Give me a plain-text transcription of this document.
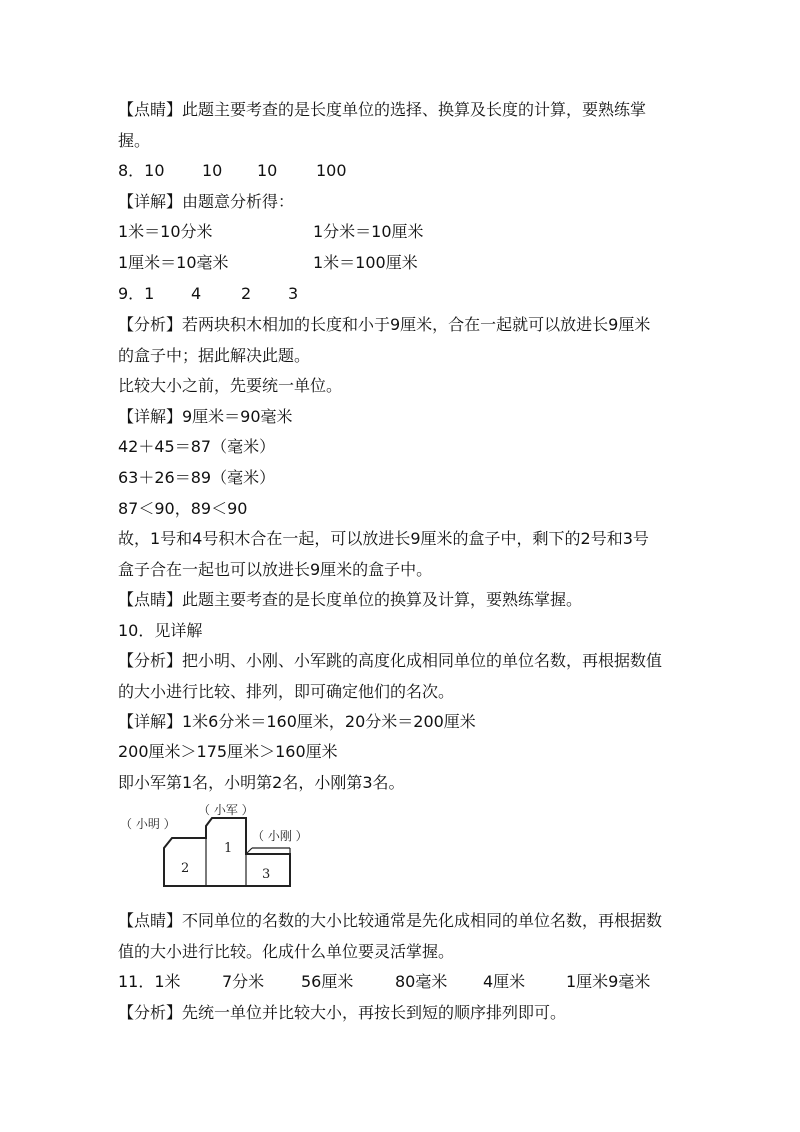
【点睛】此题主要考查的是长度单位的选择、换算及长度的计算，要熟练掌
握。
8．10 10 10 100
【详解】由题意分析得：
1米＝10分米	1分米＝10厘米
1厘米＝10毫米	1米＝100厘米
9．1 4 2 3
【分析】若两块积木相加的长度和小于9厘米，合在一起就可以放进长9厘米
的盒子中；据此解决此题。
比较大小之前，先要统一单位。
【详解】9厘米＝90毫米
42＋45＝87（毫米）
63＋26＝89（毫米）
87＜90，89＜90
故，1号和4号积木合在一起，可以放进长9厘米的盒子中，剩下的2号和3号
盒子合在一起也可以放进长9厘米的盒子中。
【点睛】此题主要考查的是长度单位的换算及计算，要熟练掌握。
10．见详解
【分析】把小明、小刚、小军跳的高度化成相同单位的单位名数，再根据数值
的大小进行比较、排列，即可确定他们的名次。
【详解】1米6分米＝160厘米，20分米＝200厘米
200厘米＞175厘米＞160厘米
即小军第1名，小明第2名，小刚第3名。
1
2	3
（ 小军 ）
（ 小明 ）
（ 小刚 ）
【点睛】不同单位的名数的大小比较通常是先化成相同的单位名数，再根据数
值的大小进行比较。化成什么单位要灵活掌握。
11．1米	7分米 56厘米	80毫米 4厘米	1厘米9毫米
【分析】先统一单位并比较大小，再按长到短的顺序排列即可。
